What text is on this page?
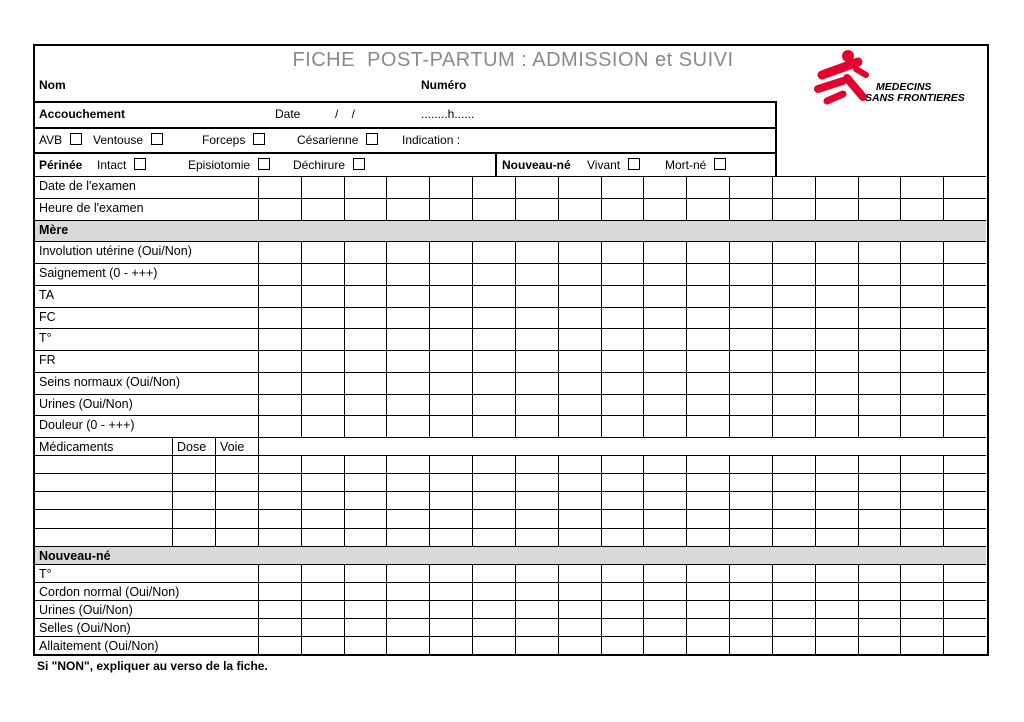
FICHE  POST-PARTUM : ADMISSION et SUIVI
MEDECINS
SANS FRONTIERES
Nom	Numéro
Accouchement	Date	/    /	........h......
AVB	Ventouse	Forceps	Césarienne	Indication :
Périnée Intact	Episiotomie	Déchirure	Nouveau-né Vivant	Mort-né
Date de l'examen
Heure de l'examen
Mère
Involution utérine (Oui/Non)
Saignement (0 - +++)
TA
FC
T°
FR
Seins normaux (Oui/Non)
Urines (Oui/Non)
Douleur (0 - +++)
Médicaments	Dose	Voie
Nouveau-né
T°
Cordon normal (Oui/Non)
Urines (Oui/Non)
Selles (Oui/Non)
Allaitement (Oui/Non)
Si "NON", expliquer au verso de la fiche.
